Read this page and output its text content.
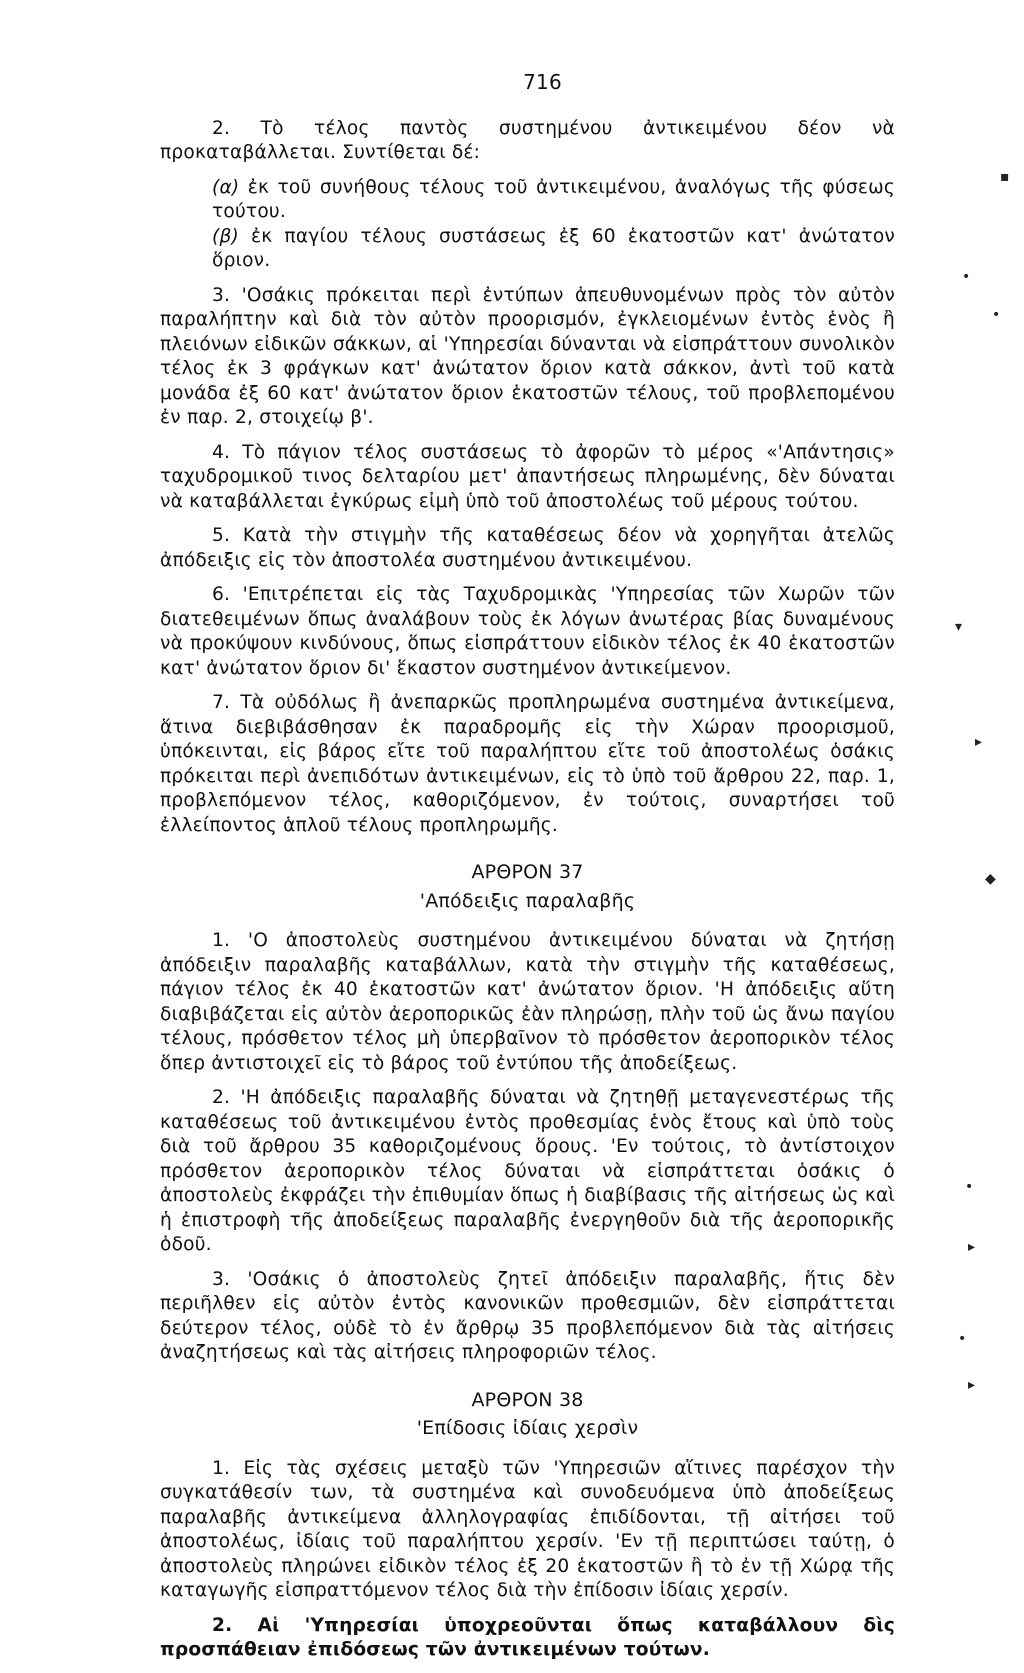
716

2. Τὸ τέλος παντὸς συστημένου ἀντικειμένου δέον νὰ προκαταβάλλεται. Συντίθεται δέ:

(α) ἐκ τοῦ συνήθους τέλους τοῦ ἀντικειμένου, ἀναλόγως τῆς φύσεως τούτου.

(β) ἐκ παγίου τέλους συστάσεως ἐξ 60 ἑκατοστῶν κατ' ἀνώτατον ὅριον.

3. 'Οσάκις πρόκειται περὶ ἐντύπων ἀπευθυνομένων πρὸς τὸν αὐτὸν παραλήπτην καὶ διὰ τὸν αὐτὸν προορισμόν, ἐγκλειομένων ἐντὸς ἑνὸς ἢ πλειόνων εἰδικῶν σάκκων, αἱ 'Υπηρεσίαι δύνανται νὰ εἰσπράττουν συνολικὸν τέλος ἐκ 3 φράγκων κατ' ἀνώτατον ὅριον κατὰ σάκκον, ἀντὶ τοῦ κατὰ μονάδα ἐξ 60 κατ' ἀνώτατον ὅριον ἑκατοστῶν τέλους, τοῦ προβλεπομένου ἐν παρ. 2, στοιχείῳ β'.

4. Τὸ πάγιον τέλος συστάσεως τὸ ἀφορῶν τὸ μέρος «'Απάντησις» ταχυδρομικοῦ τινος δελταρίου μετ' ἀπαντήσεως πληρωμένης, δὲν δύναται νὰ καταβάλλεται ἐγκύρως εἰμὴ ὑπὸ τοῦ ἀποστολέως τοῦ μέρους τούτου.

5. Κατὰ τὴν στιγμὴν τῆς καταθέσεως δέον νὰ χορηγῆται ἀτελῶς ἀπόδειξις εἰς τὸν ἀποστολέα συστημένου ἀντικειμένου.

6. 'Επιτρέπεται εἰς τὰς Ταχυδρομικὰς 'Υπηρεσίας τῶν Χωρῶν τῶν διατεθειμένων ὅπως ἀναλάβουν τοὺς ἐκ λόγων ἀνωτέρας βίας δυναμένους νὰ προκύψουν κινδύνους, ὅπως εἰσπράττουν εἰδικὸν τέλος ἐκ 40 ἑκατοστῶν κατ' ἀνώτατον ὅριον δι' ἕκαστον συστημένον ἀντικείμενον.

7. Τὰ οὐδόλως ἢ ἀνεπαρκῶς προπληρωμένα συστημένα ἀντικείμενα, ἅτινα διεβιβάσθησαν ἐκ παραδρομῆς εἰς τὴν Χώραν προορισμοῦ, ὑπόκεινται, εἰς βάρος εἴτε τοῦ παραλήπτου εἴτε τοῦ ἀποστολέως ὁσάκις πρόκειται περὶ ἀνεπιδότων ἀντικειμένων, εἰς τὸ ὑπὸ τοῦ ἄρθρου 22, παρ. 1, προβλεπόμενον τέλος, καθοριζόμενον, ἐν τούτοις, συναρτήσει τοῦ ἐλλείποντος ἁπλοῦ τέλους προπληρωμῆς.

ΑΡΘΡΟΝ 37
'Απόδειξις παραλαβῆς

1. 'Ο ἀποστολεὺς συστημένου ἀντικειμένου δύναται νὰ ζητήσῃ ἀπόδειξιν παραλαβῆς καταβάλλων, κατὰ τὴν στιγμὴν τῆς καταθέσεως, πάγιον τέλος ἐκ 40 ἑκατοστῶν κατ' ἀνώτατον ὅριον. 'Η ἀπόδειξις αὕτη διαβιβάζεται εἰς αὐτὸν ἀεροπορικῶς ἐὰν πληρώσῃ, πλὴν τοῦ ὡς ἄνω παγίου τέλους, πρόσθετον τέλος μὴ ὑπερβαῖνον τὸ πρόσθετον ἀεροπορικὸν τέλος ὅπερ ἀντιστοιχεῖ εἰς τὸ βάρος τοῦ ἐντύπου τῆς ἀποδείξεως.

2. 'Η ἀπόδειξις παραλαβῆς δύναται νὰ ζητηθῇ μεταγενεστέρως τῆς καταθέσεως τοῦ ἀντικειμένου ἐντὸς προθεσμίας ἑνὸς ἔτους καὶ ὑπὸ τοὺς διὰ τοῦ ἄρθρου 35 καθοριζομένους ὅρους. 'Εν τούτοις, τὸ ἀντίστοιχον πρόσθετον ἀεροπορικὸν τέλος δύναται νὰ εἰσπράττεται ὁσάκις ὁ ἀποστολεὺς ἐκφράζει τὴν ἐπιθυμίαν ὅπως ἡ διαβίβασις τῆς αἰτήσεως ὡς καὶ ἡ ἐπιστροφὴ τῆς ἀποδείξεως παραλαβῆς ἐνεργηθοῦν διὰ τῆς ἀεροπορικῆς ὁδοῦ.

3. 'Οσάκις ὁ ἀποστολεὺς ζητεῖ ἀπόδειξιν παραλαβῆς, ἥτις δὲν περιῆλθεν εἰς αὐτὸν ἐντὸς κανονικῶν προθεσμιῶν, δὲν εἰσπράττεται δεύτερον τέλος, οὐδὲ τὸ ἐν ἄρθρῳ 35 προβλεπόμενον διὰ τὰς αἰτήσεις ἀναζητήσεως καὶ τὰς αἰτήσεις πληροφοριῶν τέλος.

ΑΡΘΡΟΝ 38
'Επίδοσις ἰδίαις χερσὶν

1. Εἰς τὰς σχέσεις μεταξὺ τῶν 'Υπηρεσιῶν αἵτινες παρέσχον τὴν συγκατάθεσίν των, τὰ συστημένα καὶ συνοδευόμενα ὑπὸ ἀποδείξεως παραλαβῆς ἀντικείμενα ἀλληλογραφίας ἐπιδίδονται, τῇ αἰτήσει τοῦ ἀποστολέως, ἰδίαις τοῦ παραλήπτου χερσίν. 'Εν τῇ περιπτώσει ταύτῃ, ὁ ἀποστολεὺς πληρώνει εἰδικὸν τέλος ἐξ 20 ἑκατοστῶν ἢ τὸ ἐν τῇ Χώρᾳ τῆς καταγωγῆς εἰσπραττόμενον τέλος διὰ τὴν ἐπίδοσιν ἰδίαις χερσίν.

2. Αἱ 'Υπηρεσίαι ὑποχρεοῦνται ὅπως καταβάλλουν δὶς προσπάθειαν ἐπιδόσεως τῶν ἀντικειμένων τούτων.

▪
•
•
▾
▸
◆
•
▸
•
▸
